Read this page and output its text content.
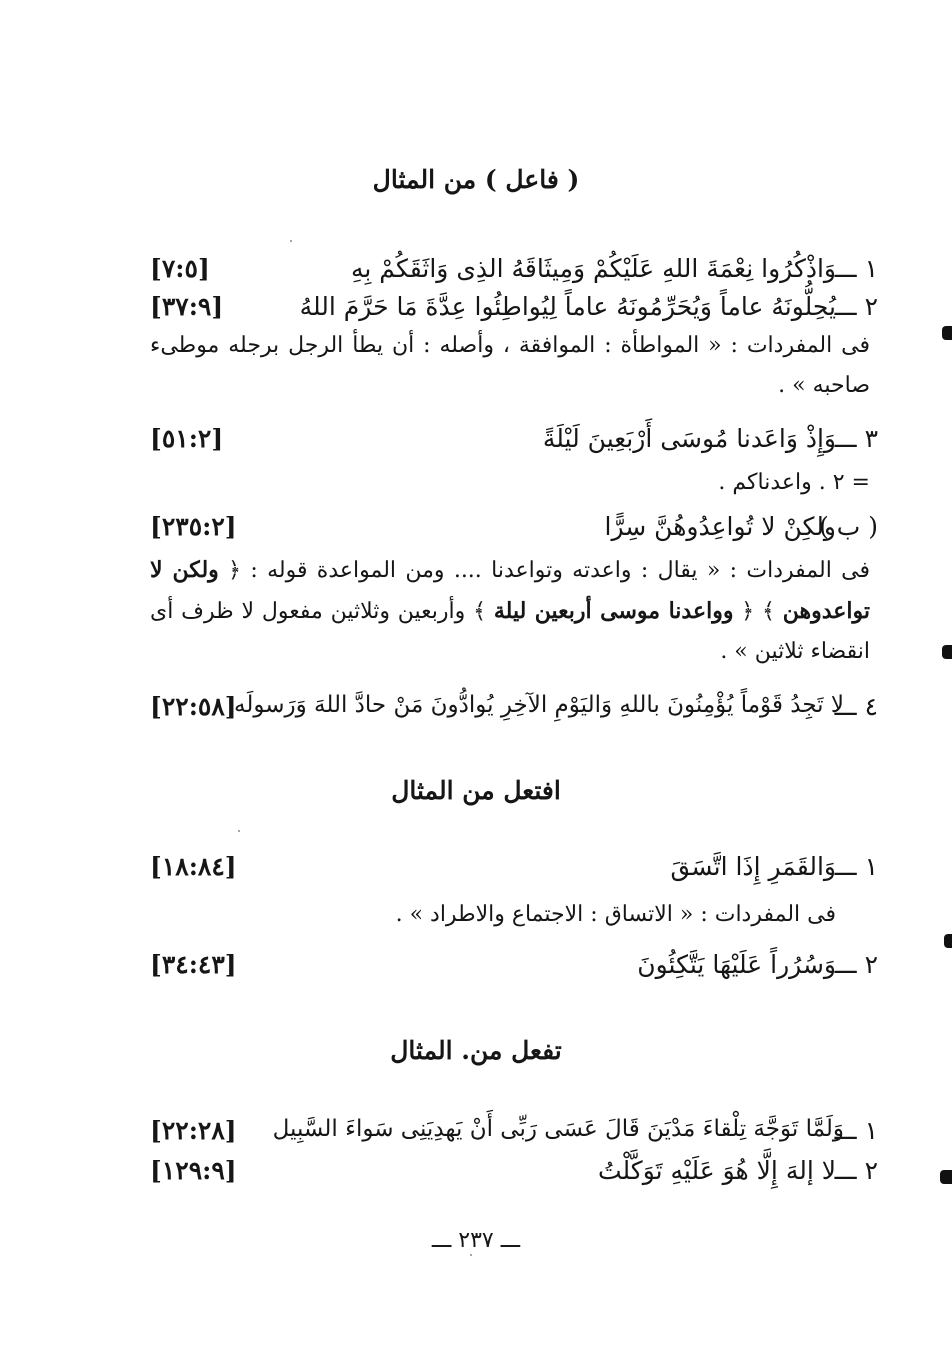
( فاعل ) من المثال
١ ـــ
وَاذْكُرُوا نِعْمَةَ اللهِ عَلَيْكُمْ وَمِيثَاقَهُ الذِى وَاثَقَكُمْ بِهِ
[٧:٥]
٢ ـــ
يُحِلُّونَهُ عاماً وَيُحَرِّمُونَهُ عاماً لِيُواطِئُوا عِدَّةَ مَا حَرَّمَ اللهُ
[٣٧:٩]
فى المفردات : « المواطأة : الموافقة ، وأصله : أن يطأ الرجل برجله موطىء صاحبه » .
٣ ـــ
وَإِذْ وَاعَدنا مُوسَى أَرْبَعِينَ لَيْلَةً
[٥١:٢]
= ٢ . واعدناكم .
( ب )
ولكِنْ لا تُواعِدُوهُنَّ سِرًّا
[٢٣٥:٢]
فى المفردات : « يقال : واعدته وتواعدنا .... ومن المواعدة قوله : ﴿ ولكن لا تواعدوهن ﴾ ﴿ وواعدنا موسى أربعين ليلة ﴾ وأربعين وثلاثين مفعول لا ظرف أى انقضاء ثلاثين » .
٤ ـــ
لا تَجِدُ قَوْماً يُؤْمِنُونَ باللهِ وَاليَوْمِ الآخِرِ يُوادُّونَ مَنْ حادَّ اللهَ وَرَسولَه
[٢٢:٥٨]
افتعل من المثال
١ ـــ
وَالقَمَرِ إِذَا اتَّسَقَ
[١٨:٨٤]
فى المفردات : « الاتساق : الاجتماع والاطراد » .
٢ ـــ
وَسُرُراً عَلَيْهَا يَتَّكِئُونَ
[٣٤:٤٣]
تفعل من. المثال
١ ـــ
وَلَمَّا تَوَجَّهَ تِلْقاءَ مَدْيَنَ قَالَ عَسَى رَبِّى أَنْ يَهدِيَنِى سَواءَ السَّبِيل
[٢٢:٢٨]
٢ ـــ
لا إلهَ إِلَّا هُوَ عَلَيْهِ تَوَكَّلْتُ
[١٢٩:٩]
ـــ ٢٣٧ ـــ
